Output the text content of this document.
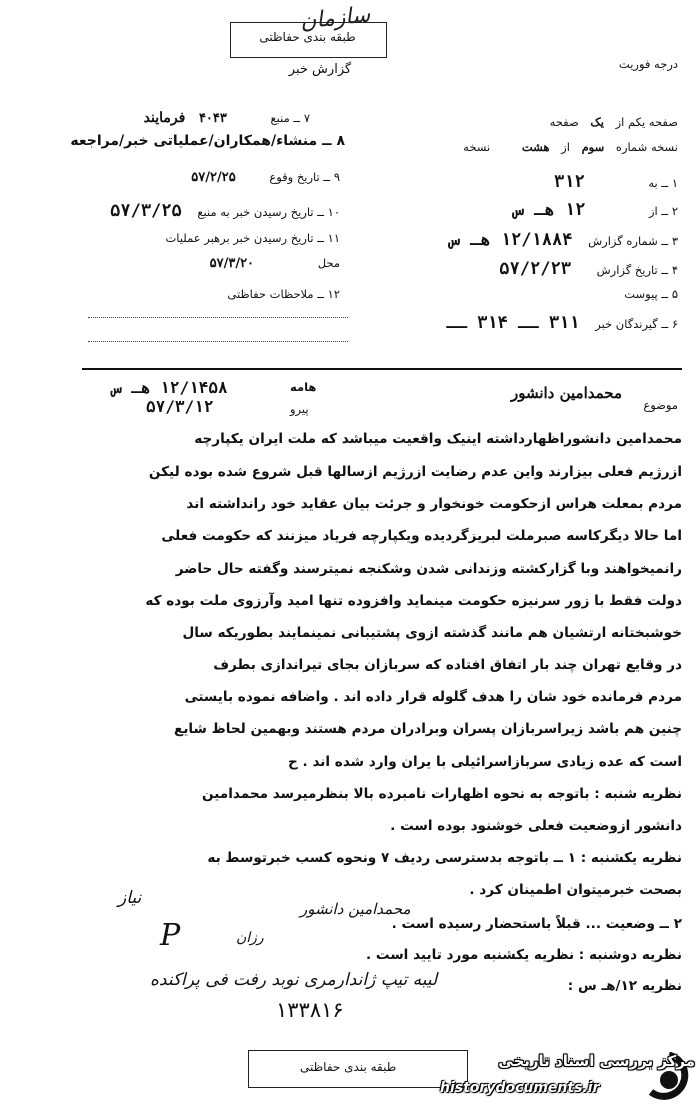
طبقه بندی حفاظتی
سازمان
گزارش خبر	درجه فوریت
۷ ــ منبع ۴۰۴۳ فرمایند
۸ ــ منشاء/همکاران/عملیاتی خبر/مراجعه
۹ ــ تاریخ وقوع ۵۷/۲/۲۵
۱۰ ــ تاریخ رسیدن خبر به منبع ۵۷/۳/۲۵
۱۱ ــ تاریخ رسیدن خبر برهبر عملیات
محل ۵۷/۳/۲۰
۱۲ ــ ملاحظات حفاظتی
صفحه یکم از یک صفحه
نسخه شماره سوم از هشت نسخه
۱ ــ به ۳۱۲
۲ ــ از ۱۲ هـ س
۳ ــ شماره گزارش ۱۲/۱۸۸۴ هـ س
۴ ــ تاریخ گزارش ۵۷/۲/۲۳
۵ ــ پیوست
۶ ــ گیرندگان خبر ۳۱۱ ــ ۳۱۴ ــ
موضوع
محمدامین دانشور
هامه
۱۲/۱۴۵۸ هـ س
پیرو
۵۷/۳/۱۲
محمدامین دانشوراظهارداشته اینیک واقعیت میباشد که ملت ایران یکپارچه
ازرژیم فعلی بیزارند واین عدم رضایت ازرژیم ازسالها قبل شروع شده بوده لیکن
مردم بمعلت هراس ازحکومت خونخوار و جرئت بیان عقاید خود رانداشته اند
اما حالا دیگرکاسه صبرملت لبریزگردیده ویکپارچه فریاد میزنند که حکومت فعلی
رانمیخواهند وبا گزارکشته وزندانی شدن وشکنجه نمیترسند وگفته حال حاضر
دولت فقط با زور سرنیزه حکومت مینماید وافزوده تنها امید وآرزوی ملت بوده که
خوشبختانه ارتشیان هم مانند گذشته ازوی پشتیبانی نمینمایند بطوریکه سال
در وقایع تهران چند بار اتفاق افتاده که سربازان بجای تیراندازی بطرف
مردم فرمانده خود شان را هدف گلوله قرار داده اند . واضافه نموده بایستی
چنین هم باشد زیراسربازان پسران وبرادران مردم هستند وبهمین لحاظ شایع
است که عده زیادی سربازاسرائیلی با یران وارد شده اند . ح
نظریه شنبه : باتوجه به نحوه اظهارات نامبرده بالا بنظرمیرسد محمدامین
دانشور ازوضعیت فعلی خوشنود بوده است .
نظریه یکشنبه : ۱ ــ باتوجه بدسترسی ردیف ۷ ونحوه کسب خبرتوسط به
بصحت خبرمیتوان اطمینان کرد .
۲ ــ وضعیت ... قبلاً باستحضار رسیده است .
نظریه دوشنبه : نظریه یکشنبه مورد تایید است .
نظریه ۱۲/هـ س :
محمدامین دانشور
نیاز
رزان
لیبه تیپ ژاندارمری نوبد رفت فی پراکنده
P
۱۳۳۸۱۶
طبقه بندی حفاظتی	مرکز بررسی اسناد تاریخی
historydocuments.ir
